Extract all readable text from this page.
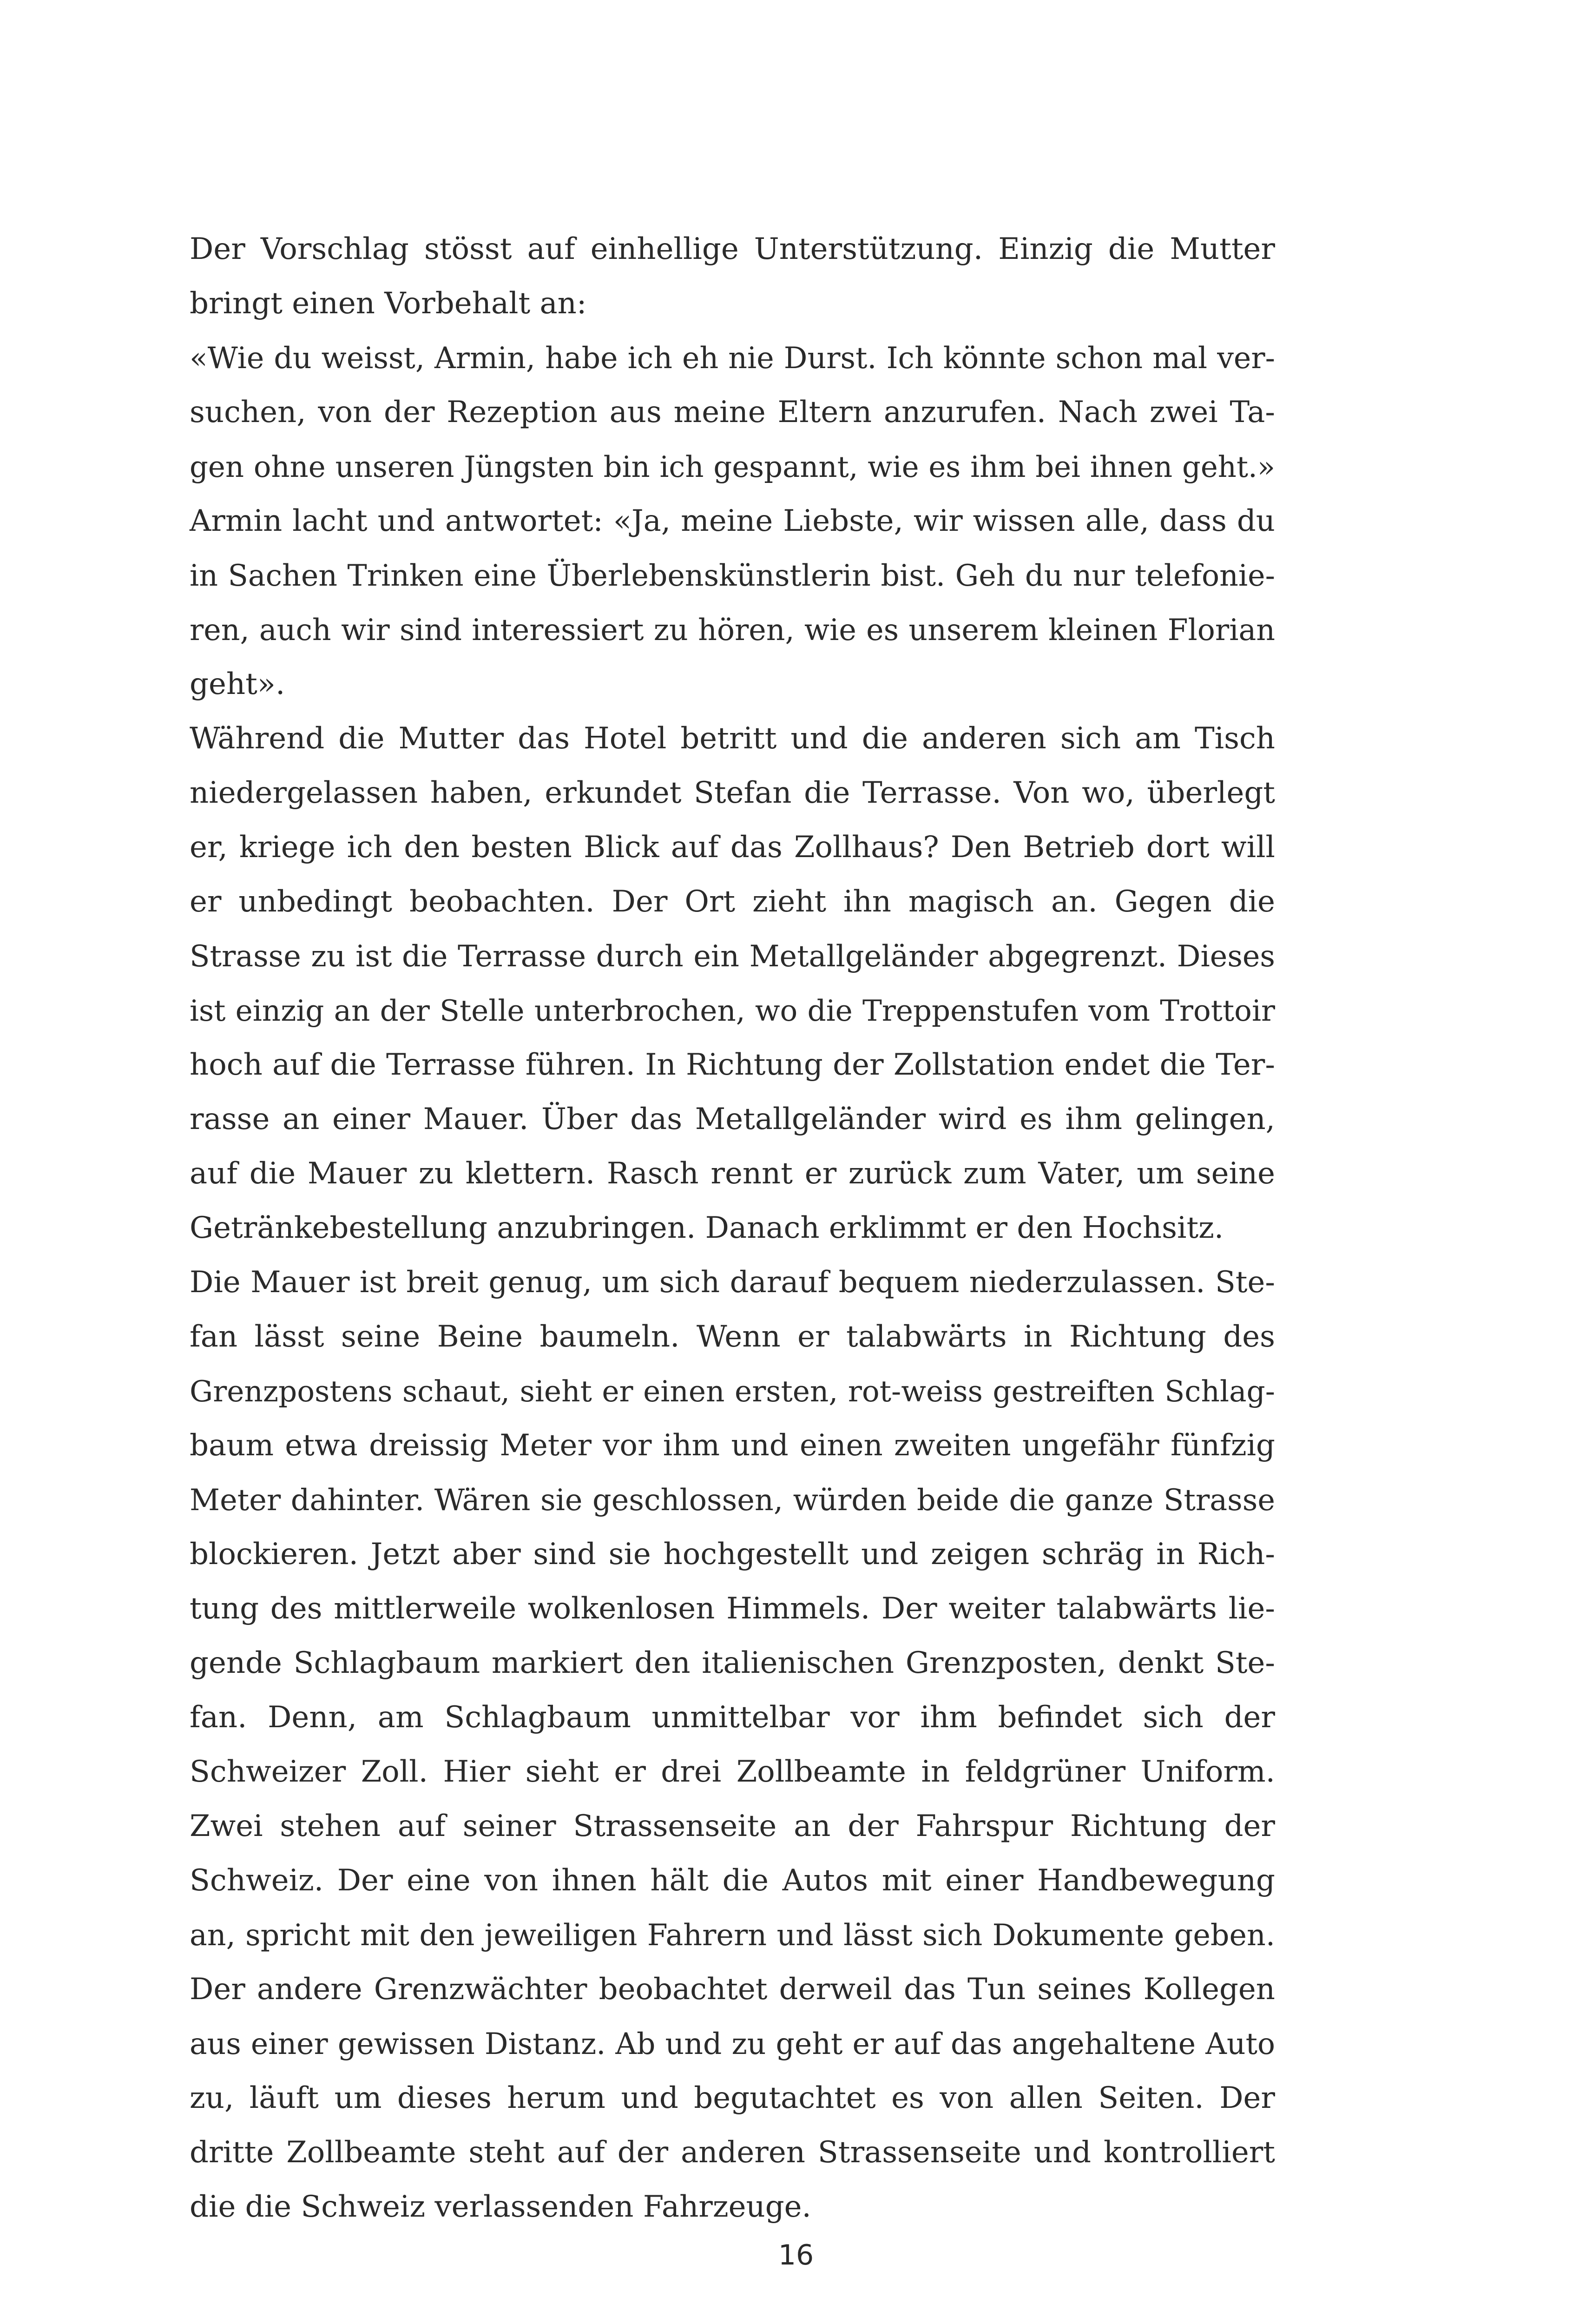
Der Vorschlag stösst auf einhellige Unterstützung. Einzig die Mutter
bringt einen Vorbehalt an:
«Wie du weisst, Armin, habe ich eh nie Durst. Ich könnte schon mal ver-
suchen, von der Rezeption aus meine Eltern anzurufen. Nach zwei Ta-
gen ohne unseren Jüngsten bin ich gespannt, wie es ihm bei ihnen geht.»
Armin lacht und antwortet: «Ja, meine Liebste, wir wissen alle, dass du
in Sachen Trinken eine Überlebenskünstlerin bist. Geh du nur telefonie-
ren, auch wir sind interessiert zu hören, wie es unserem kleinen Florian
geht».
Während die Mutter das Hotel betritt und die anderen sich am Tisch
niedergelassen haben, erkundet Stefan die Terrasse. Von wo, überlegt
er, kriege ich den besten Blick auf das Zollhaus? Den Betrieb dort will
er unbedingt beobachten. Der Ort zieht ihn magisch an. Gegen die
Strasse zu ist die Terrasse durch ein Metallgeländer abgegrenzt. Dieses
ist einzig an der Stelle unterbrochen, wo die Treppenstufen vom Trottoir
hoch auf die Terrasse führen. In Richtung der Zollstation endet die Ter-
rasse an einer Mauer. Über das Metallgeländer wird es ihm gelingen,
auf die Mauer zu klettern. Rasch rennt er zurück zum Vater, um seine
Getränkebestellung anzubringen. Danach erklimmt er den Hochsitz.
Die Mauer ist breit genug, um sich darauf bequem niederzulassen. Ste-
fan lässt seine Beine baumeln. Wenn er talabwärts in Richtung des
Grenzpostens schaut, sieht er einen ersten, rot-weiss gestreiften Schlag-
baum etwa dreissig Meter vor ihm und einen zweiten ungefähr fünfzig
Meter dahinter. Wären sie geschlossen, würden beide die ganze Strasse
blockieren. Jetzt aber sind sie hochgestellt und zeigen schräg in Rich-
tung des mittlerweile wolkenlosen Himmels. Der weiter talabwärts lie-
gende Schlagbaum markiert den italienischen Grenzposten, denkt Ste-
fan. Denn, am Schlagbaum unmittelbar vor ihm befindet sich der
Schweizer Zoll. Hier sieht er drei Zollbeamte in feldgrüner Uniform.
Zwei stehen auf seiner Strassenseite an der Fahrspur Richtung der
Schweiz. Der eine von ihnen hält die Autos mit einer Handbewegung
an, spricht mit den jeweiligen Fahrern und lässt sich Dokumente geben.
Der andere Grenzwächter beobachtet derweil das Tun seines Kollegen
aus einer gewissen Distanz. Ab und zu geht er auf das angehaltene Auto
zu, läuft um dieses herum und begutachtet es von allen Seiten. Der
dritte Zollbeamte steht auf der anderen Strassenseite und kontrolliert
die die Schweiz verlassenden Fahrzeuge.
16
